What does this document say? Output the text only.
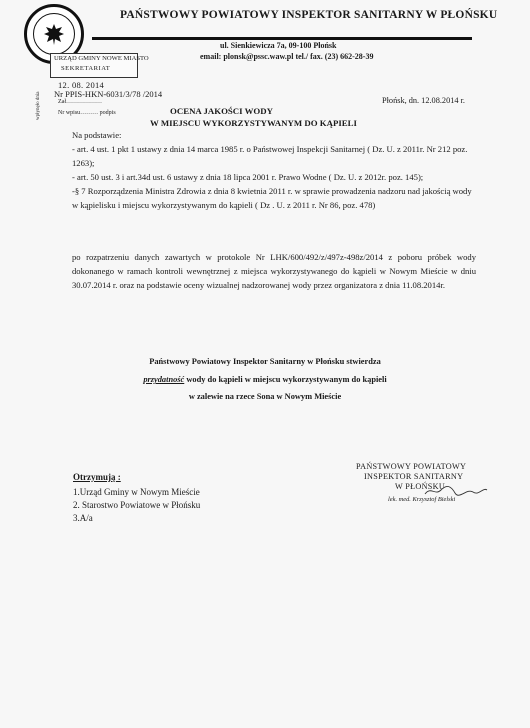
PAŃSTWOWY POWIATOWY INSPEKTOR SANITARNY W PŁOŃSKU
ul. Sienkiewicza 7a, 09-100 Płońsk
email: plonsk@pssc.waw.pl tel./ fax. (23) 662-28-39
URZĄD GMINY NOWE MIASTO
SEKRETARIAT
wpłynęło dnia
12. 08. 2014
Nr PPIS-HKN-6031/3/78 /2014
Zał………………
Nr wpisu……… podpis
Płońsk, dn. 12.08.2014 r.
OCENA JAKOŚCI WODY
W MIEJSCU WYKORZYSTYWANYM DO KĄPIELI
Na podstawie:
- art. 4 ust. 1 pkt 1 ustawy z dnia 14 marca 1985 r. o Państwowej Inspekcji Sanitarnej ( Dz. U. z 2011r. Nr 212 poz. 1263);
- art. 50 ust. 3 i art.34d ust. 6 ustawy z dnia 18 lipca 2001 r. Prawo Wodne ( Dz. U. z 2012r. poz. 145);
-§ 7 Rozporządzenia Ministra Zdrowia z dnia 8 kwietnia 2011 r. w sprawie prowadzenia nadzoru nad jakością wody w kąpielisku i miejscu wykorzystywanym do kąpieli ( Dz . U. z 2011 r. Nr 86, poz. 478)
po rozpatrzeniu danych zawartych w protokole Nr LHK/600/492/z/497z-498z/2014 z poboru próbek wody dokonanego w ramach kontroli wewnętrznej z miejsca wykorzystywanego do kąpieli w Nowym Mieście w dniu 30.07.2014 r. oraz na podstawie oceny wizualnej nadzorowanej wody przez organizatora z dnia 11.08.2014r.
Państwowy Powiatowy Inspektor Sanitarny w Płońsku stwierdza
przydatność wody do kąpieli w miejscu wykorzystywanym do kąpieli
w zalewie na rzece Sona w Nowym Mieście
PAŃSTWOWY POWIATOWY
INSPEKTOR SANITARNY
W PŁOŃSKU
lek. med. Krzysztof Bielski
Otrzymują :
1.Urząd Gminy w Nowym Mieście
2. Starostwo Powiatowe w Płońsku
3.A/a
